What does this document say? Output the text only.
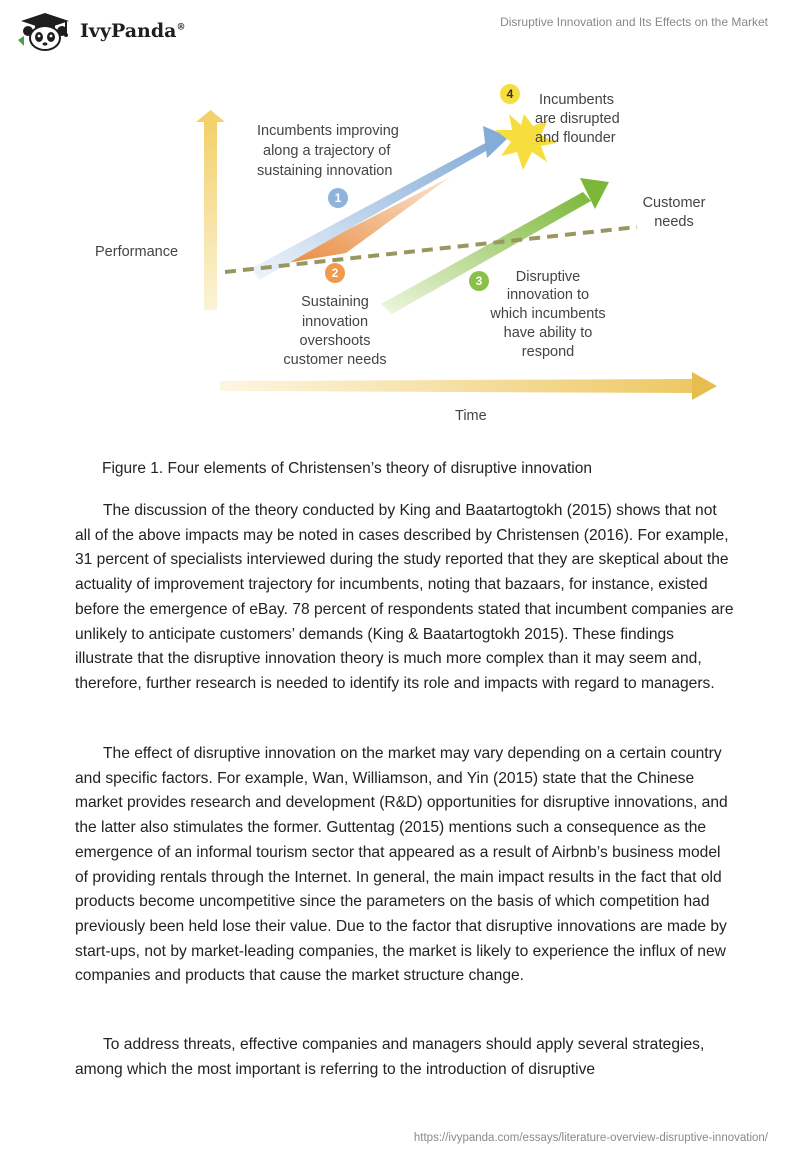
IvyPanda®	Disruptive Innovation and Its Effects on the Market
1
2
3
4
Performance
Time
Incumbents improving
along a trajectory of
sustaining innovation
Sustaining
innovation
overshoots
customer needs
Disruptive
innovation to
which incumbents
have ability to
respond
Incumbents
are disrupted
and flounder
Customer
needs
Figure 1. Four elements of Christensen’s theory of disruptive innovation

The discussion of the theory conducted by King and Baatartogtokh (2015) shows that not all of the above impacts may be noted in cases described by Christensen (2016). For example, 31 percent of specialists interviewed during the study reported that they are skeptical about the actuality of improvement trajectory for incumbents, noting that bazaars, for instance, existed before the emergence of eBay. 78 percent of respondents stated that incumbent companies are unlikely to anticipate customers’ demands (King & Baatartogtokh 2015). These findings illustrate that the disruptive innovation theory is much more complex than it may seem and, therefore, further research is needed to identify its role and impacts with regard to managers.

The effect of disruptive innovation on the market may vary depending on a certain country and specific factors. For example, Wan, Williamson, and Yin (2015) state that the Chinese market provides research and development (R&D) opportunities for disruptive innovations, and the latter also stimulates the former. Guttentag (2015) mentions such a consequence as the emergence of an informal tourism sector that appeared as a result of Airbnb’s business model of providing rentals through the Internet. In general, the main impact results in the fact that old products become uncompetitive since the parameters on the basis of which competition had previously been held lose their value. Due to the factor that disruptive innovations are made by start-ups, not by market-leading companies, the market is likely to experience the influx of new companies and products that cause the market structure change.

To address threats, effective companies and managers should apply several strategies, among which the most important is referring to the introduction of disruptive

https://ivypanda.com/essays/literature-overview-disruptive-innovation/
